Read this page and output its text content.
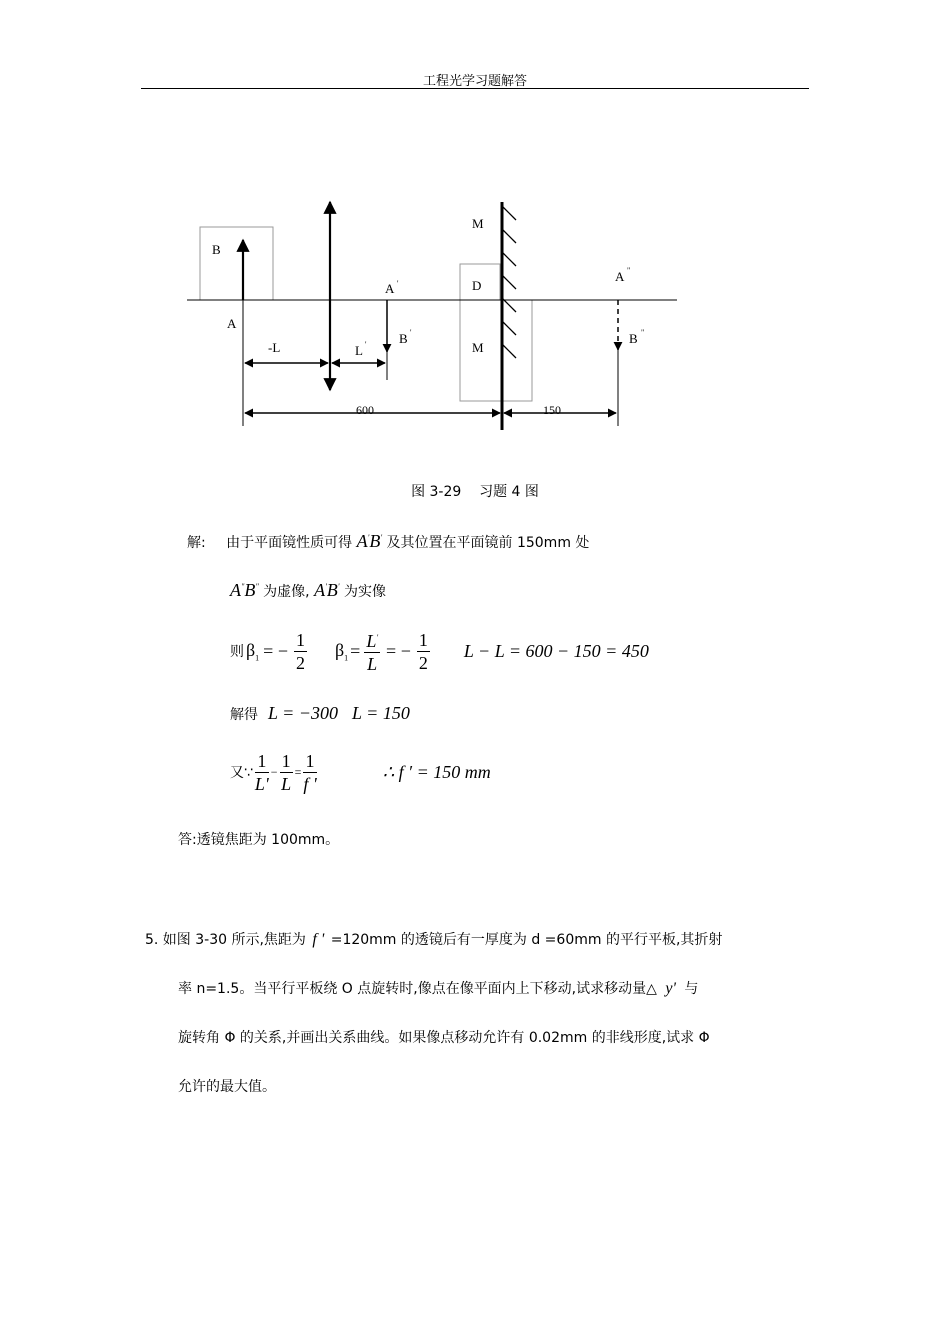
工程光学习题解答
B
A
A '
B '
M
D
M
A "
B "
-L	L '
600	150
图 3-29    习题 4 图
解: 由于平面镜性质可得 A'B' 及其位置在平面镜前 150mm 处
A"B" 为虚像, A'B' 为实像
则 $\beta_1$ = − $\frac{1}{2} \beta_1 = \frac{L'}{L}$ = − $\frac{1}{2}$ L − L = 600 − 150 = 450
解得 L = −300 L = 150
又∵ $\frac{1}{L'} - \frac{1}{L} = \frac{1}{f '}$	∴ f ′ = 150 mm
答:透镜焦距为 100mm。
5. 如图 3-30 所示,焦距为 f ' =120mm 的透镜后有一厚度为 d =60mm 的平行平板,其折射
率 n=1.5。当平行平板绕 O 点旋转时,像点在像平面内上下移动,试求移动量△ y' 与
旋转角 Φ 的关系,并画出关系曲线。如果像点移动允许有 0.02mm 的非线形度,试求 Φ
允许的最大值。
